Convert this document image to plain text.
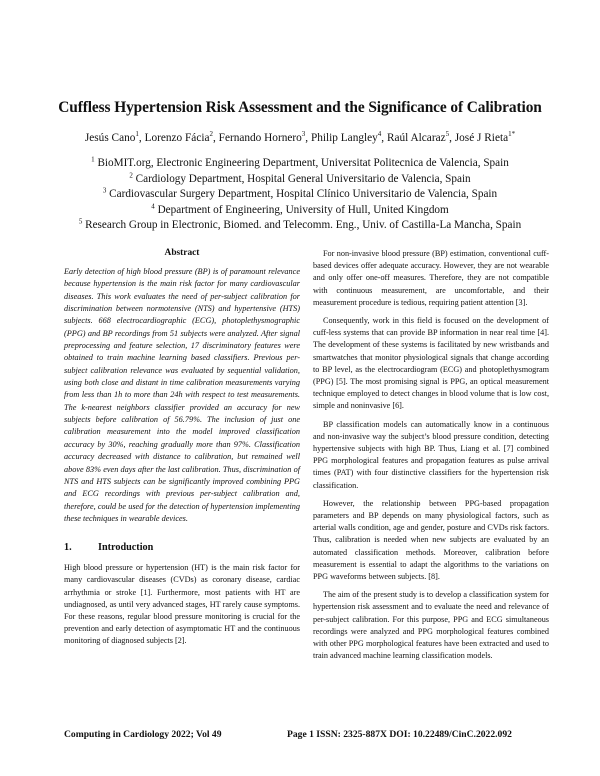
Cuffless Hypertension Risk Assessment and the Significance of Calibration
Jesús Cano$^1$, Lorenzo Fácia$^2$, Fernando Hornero$^3$, Philip Langley$^4$, Raúl Alcaraz$^5$, José J Rieta$^{1*}$
$^1$ BioMIT.org, Electronic Engineering Department, Universitat Politecnica de Valencia, Spain
$^2$ Cardiology Department, Hospital General Universitario de Valencia, Spain
$^3$ Cardiovascular Surgery Department, Hospital Clínico Universitario de Valencia, Spain
$^4$ Department of Engineering, University of Hull, United Kingdom
$^5$ Research Group in Electronic, Biomed. and Telecomm. Eng., Univ. of Castilla-La Mancha, Spain
Abstract

Early detection of high blood pressure (BP) is of paramount relevance because hypertension is the main risk factor for many cardiovascular diseases. This work evaluates the need of per-subject calibration for discrimination between normotensive (NTS) and hypertensive (HTS) subjects. 668 electrocardiographic (ECG), photoplethysmographic (PPG) and BP recordings from 51 subjects were analyzed. After signal preprocessing and feature selection, 17 discriminatory features were obtained to train machine learning based classifiers. Previous per-subject calibration relevance was evaluated by sequential validation, using both close and distant in time calibration measurements varying from less than 1h to more than 24h with respect to test measurements. The k-nearest neighbors classifier provided an accuracy for new subjects before calibration of 56.79%. The inclusion of just one calibration measurement into the model improved classification accuracy by 30%, reaching gradually more than 97%. Classification accuracy decreased with distance to calibration, but remained well above 83% even days after the last calibration. Thus, discrimination of NTS and HTS subjects can be significantly improved combining PPG and ECG recordings with previous per-subject calibration and, therefore, could be used for the detection of hypertension implementing these techniques in wearable devices.

1.	Introduction

High blood pressure or hypertension (HT) is the main risk factor for many cardiovascular diseases (CVDs) as coronary disease, cardiac arrhythmia or stroke [1]. Furthermore, most patients with HT are undiagnosed, as until very advanced stages, HT rarely cause symptoms. For these reasons, regular blood pressure monitoring is crucial for the prevention and early detection of asymptomatic HT and the continuous monitoring of diagnosed subjects [2].

For non-invasive blood pressure (BP) estimation, conventional cuff-based devices offer adequate accuracy. However, they are not wearable and only offer one-off measures. Therefore, they are not compatible with continuous measurement, are uncomfortable, and their measurement procedure is tedious, requiring patient attention [3].

Consequently, work in this field is focused on the development of cuff-less systems that can provide BP information in near real time [4]. The development of these systems is facilitated by new wristbands and smartwatches that monitor physiological signals that change according to BP level, as the electrocardiogram (ECG) and photoplethysmogram (PPG) [5]. The most promising signal is PPG, an optical measurement technique employed to detect changes in blood volume that is low cost, simple and noninvasive [6].

BP classification models can automatically know in a continuous and non-invasive way the subject’s blood pressure condition, detecting hypertensive subjects with high BP. Thus, Liang et al. [7] combined PPG morphological features and propagation features as pulse arrival times (PAT) with four distinctive classifiers for the hypertension risk classification.

However, the relationship between PPG-based propagation parameters and BP depends on many physiological factors, such as arterial walls condition, age and gender, posture and CVDs risk factors. Thus, calibration is needed when new subjects are evaluated by an automated classification methods. Moreover, calibration before measurement is essential to adapt the algorithms to the variations on PPG waveforms between subjects. [8].

The aim of the present study is to develop a classification system for hypertension risk assessment and to evaluate the need and relevance of per-subject calibration. For this purpose, PPG and ECG simultaneous recordings were analyzed and PPG morphological features combined with other PPG morphological features have been extracted and used to train advanced machine learning classification models.

Computing in Cardiology 2022; Vol 49	Page 1 ISSN: 2325-887X DOI: 10.22489/CinC.2022.092
